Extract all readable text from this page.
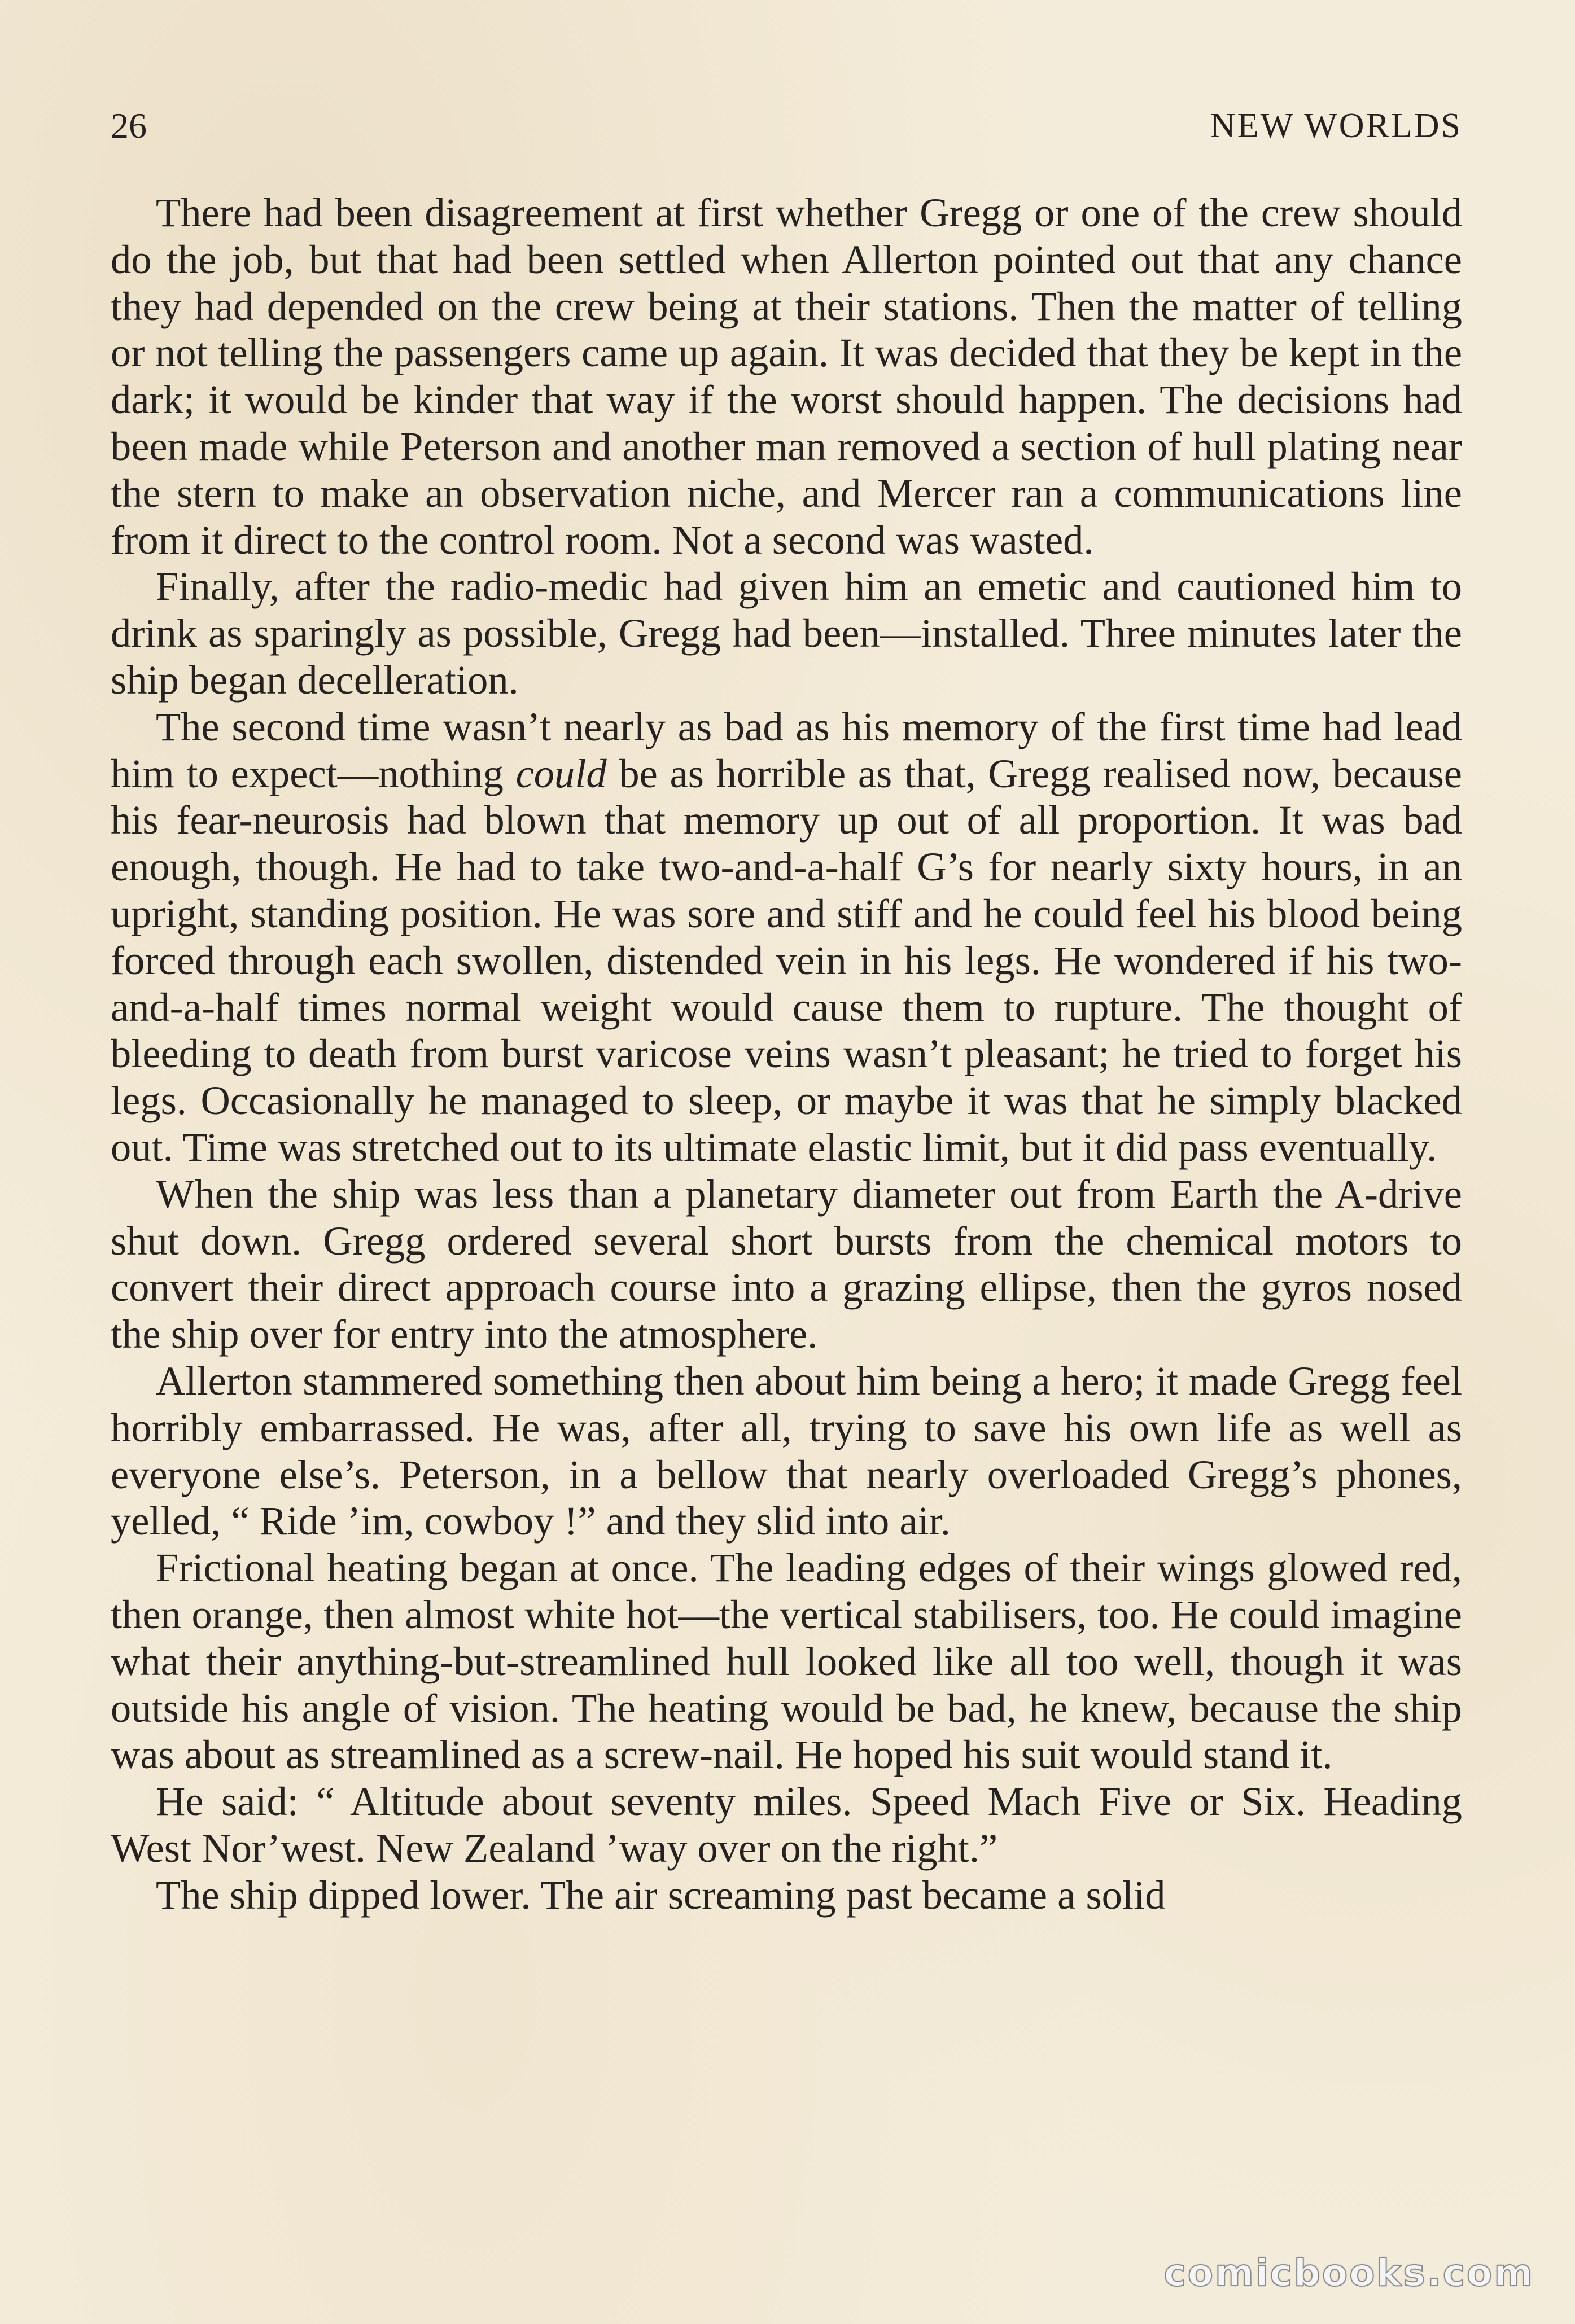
26	NEW WORLDS

There had been disagreement at first whether Gregg or one of the crew should do the job, but that had been settled when Allerton pointed out that any chance they had depended on the crew being at their stations. Then the matter of telling or not telling the passengers came up again. It was decided that they be kept in the dark; it would be kinder that way if the worst should happen. The decisions had been made while Peterson and another man removed a section of hull plating near the stern to make an observation niche, and Mercer ran a communications line from it direct to the control room. Not a second was wasted.

Finally, after the radio-medic had given him an emetic and cautioned him to drink as sparingly as possible, Gregg had been—installed. Three minutes later the ship began decelleration.

The second time wasn’t nearly as bad as his memory of the first time had lead him to expect—nothing could be as horrible as that, Gregg realised now, because his fear-neurosis had blown that memory up out of all proportion. It was bad enough, though. He had to take two-and-a-half G’s for nearly sixty hours, in an upright, standing position. He was sore and stiff and he could feel his blood being forced through each swollen, distended vein in his legs. He wondered if his two-and-a-half times normal weight would cause them to rupture. The thought of bleeding to death from burst varicose veins wasn’t pleasant; he tried to forget his legs. Occasionally he managed to sleep, or maybe it was that he simply blacked out. Time was stretched out to its ultimate elastic limit, but it did pass eventually.

When the ship was less than a planetary diameter out from Earth the A-drive shut down. Gregg ordered several short bursts from the chemical motors to convert their direct approach course into a grazing ellipse, then the gyros nosed the ship over for entry into the atmosphere.

Allerton stammered something then about him being a hero; it made Gregg feel horribly embarrassed. He was, after all, trying to save his own life as well as everyone else’s. Peterson, in a bellow that nearly overloaded Gregg’s phones, yelled, “ Ride ’im, cowboy !” and they slid into air.

Frictional heating began at once. The leading edges of their wings glowed red, then orange, then almost white hot—the vertical stabilisers, too. He could imagine what their anything-but-streamlined hull looked like all too well, though it was outside his angle of vision. The heating would be bad, he knew, because the ship was about as streamlined as a screw-nail. He hoped his suit would stand it.

He said: “ Altitude about seventy miles. Speed Mach Five or Six. Heading West Nor’west. New Zealand ’way over on the right.”

The ship dipped lower. The air screaming past became a solid

comicbooks.com
